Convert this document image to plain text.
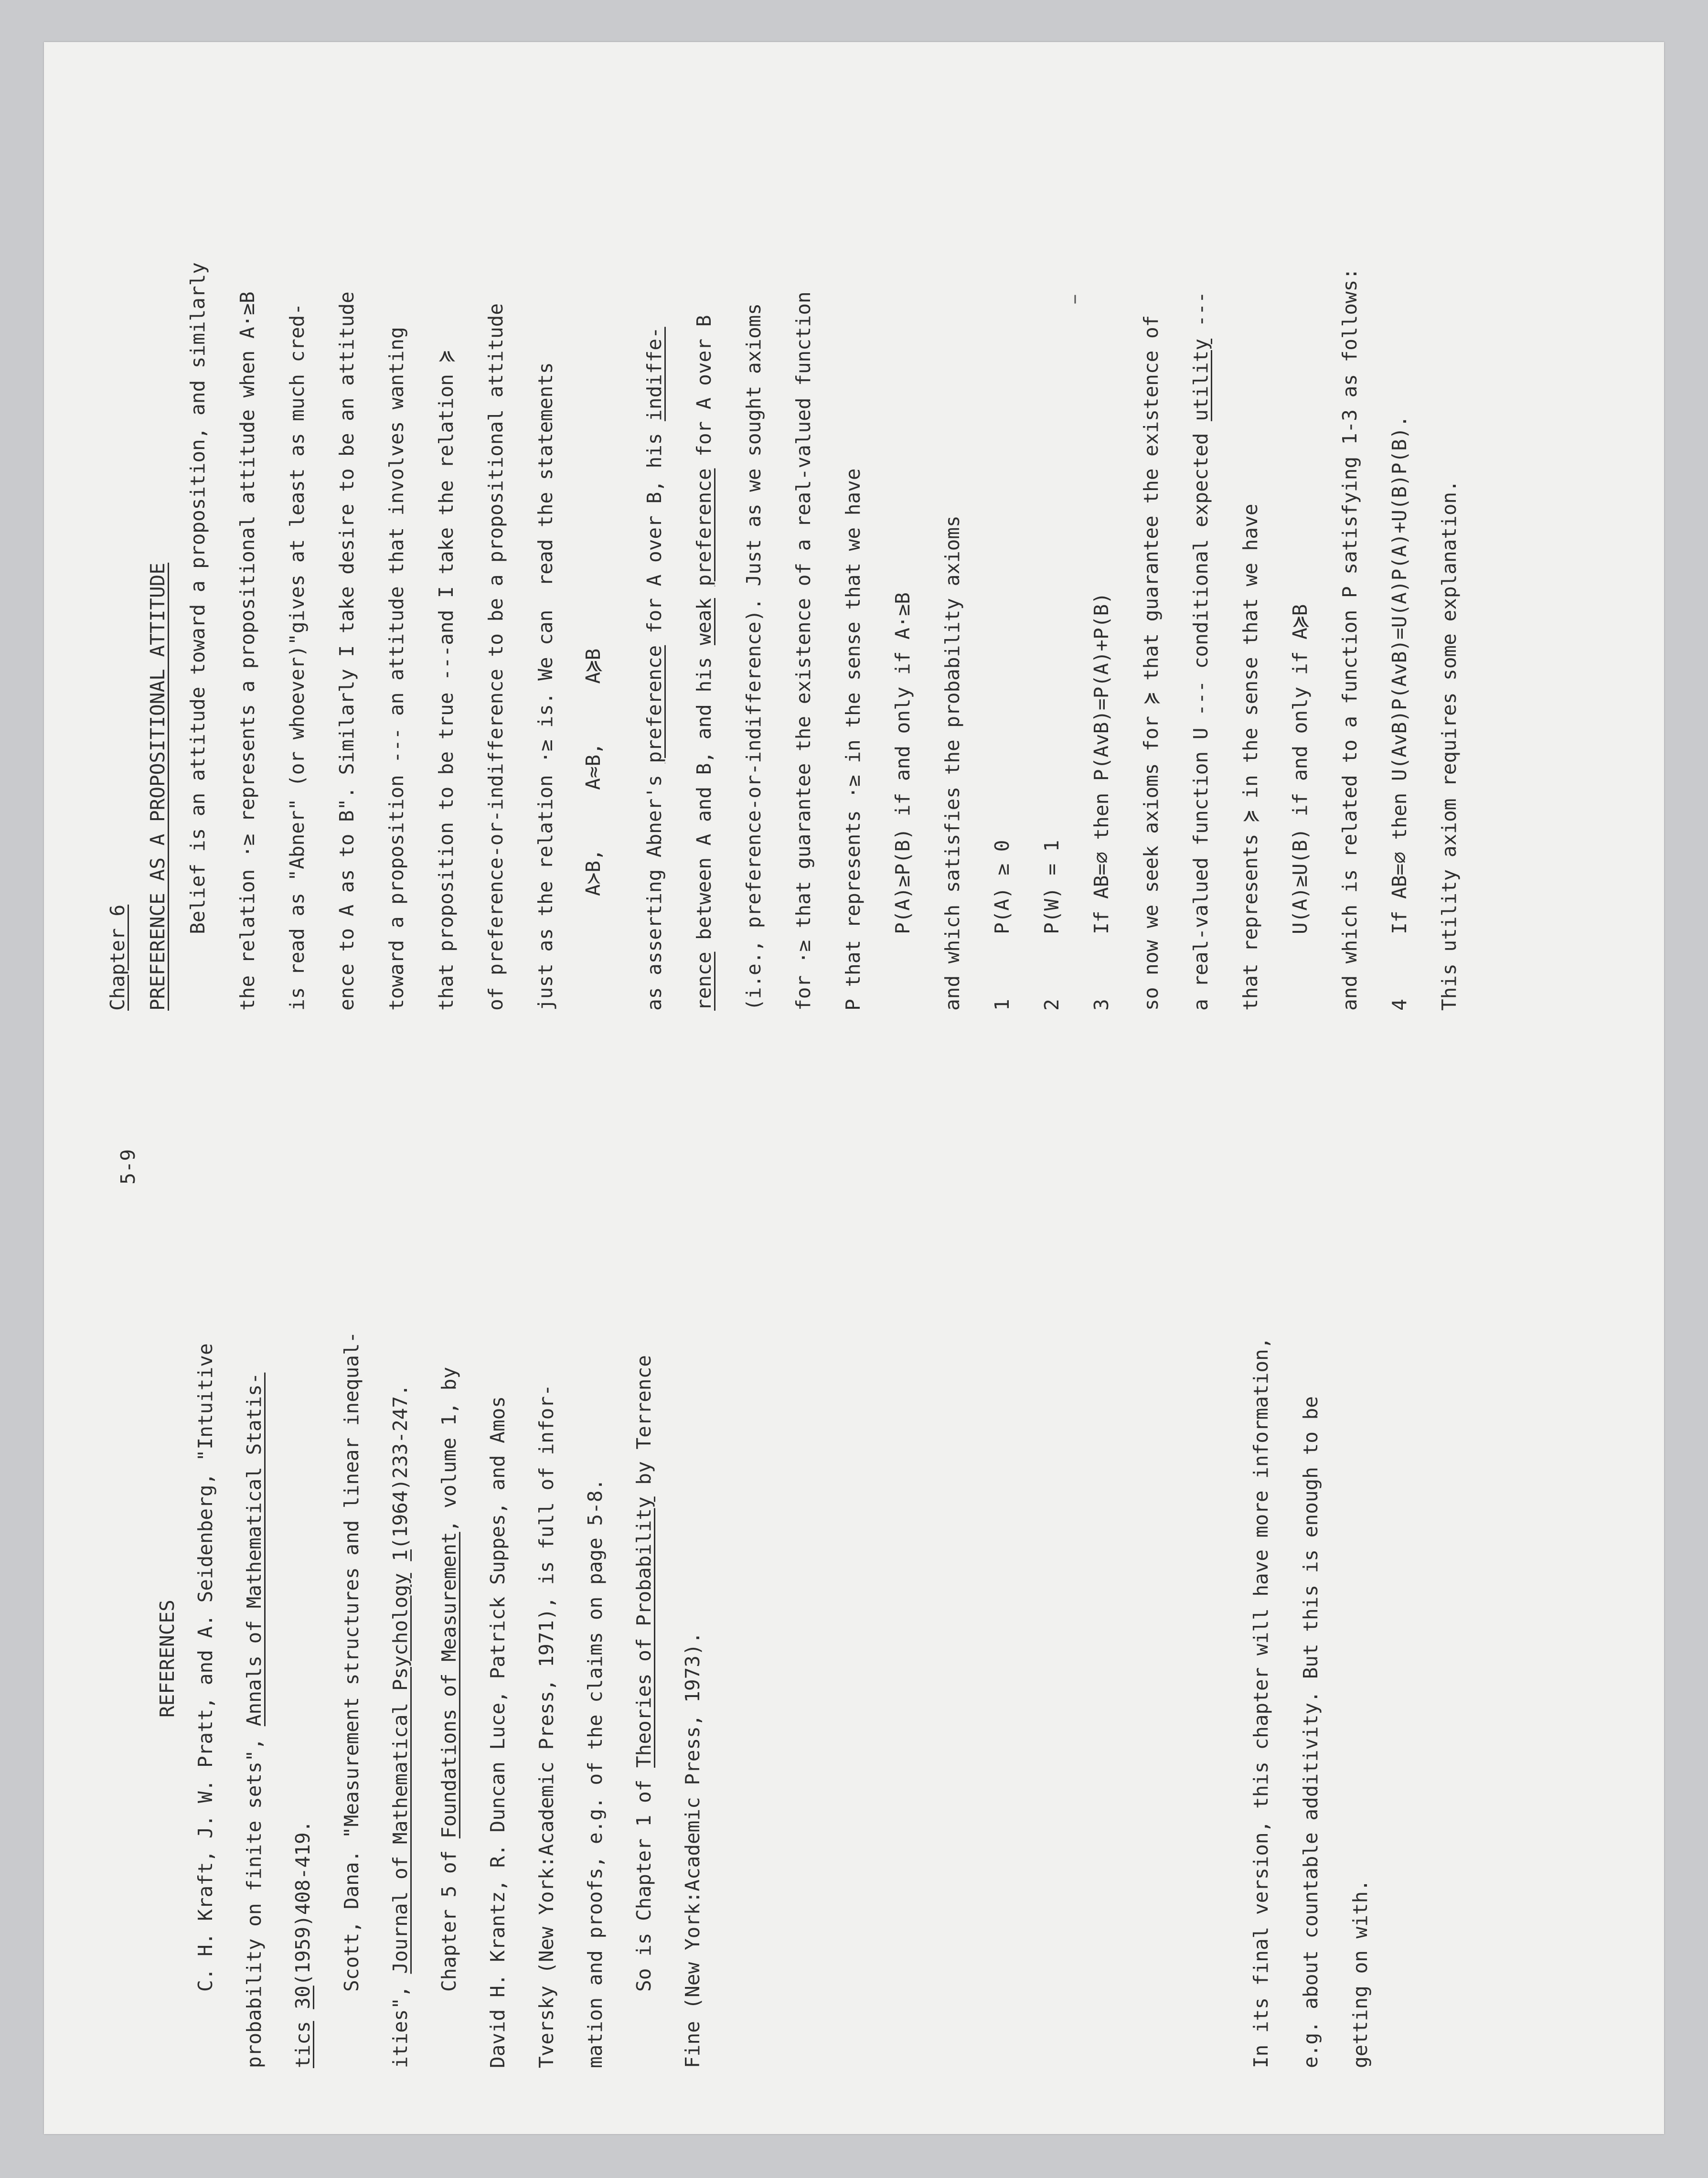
5-9
REFERENCES C. H. Kraft, J. W. Pratt, and A. Seidenberg, "Intuitive probability on finite sets", Annals of Mathematical Statis-
tics 30(1959)408-419. Scott, Dana. "Measurement structures and linear inequal-
ities", Journal of Mathematical Psychology 1(1964)233-247.
Chapter 5 of Foundations of Measurement, volume 1, by David H. Krantz, R. Duncan Luce, Patrick Suppes, and Amos Tversky (New York:Academic Press, 1971), is full of infor- mation and proofs, e.g. of the claims on page 5-8. So is Chapter 1 of Theories of Probability by Terrence
Fine (New York:Academic Press, 1973).	In its final version, this chapter will have more information, e.g. about countable additivity. But this is enough to be getting on with.
Chapter 6 PREFERENCE AS A PROPOSITIONAL ATTITUDE Belief is an attitude toward a proposition, and similarly the relation ·≥ represents a propositional attitude when A·≥B is read as "Abner" (or whoever)"gives at least as much cred- ence to A as to B". Similarly I take desire to be an attitude toward a proposition --- an attitude that involves wanting that proposition to be true ---and I take the relation ≽ of preference-or-indifference to be a propositional attitude just as the relation ·≥ is. We can  read the statements A≻B,     A≈B,     A≽B as asserting Abner's preference for A over B, his indiffe-
rence between A and B, and his weak preference for A over B (i.e., preference-or-indifference). Just as we sought axioms for ·≥ that guarantee the existence of a real-valued function P that represents ·≥ in the sense that we have P(A)≥P(B) if and only if A·≥B and which satisfies the probability axioms 1
P(A) ≥ 0
2
P(W) = 1
3
If AB=∅ then P(AvB)=P(A)+P(B) so now we seek axioms for ≽ that guarantee the existence of a real-valued function U --- conditional expected utility ---
that represents ≽ in the sense that we have U(A)≥U(B) if and only if A≽B and which is related to a function P satisfying 1-3 as follows: 4
If AB=∅ then U(AvB)P(AvB)=U(A)P(A)+U(B)P(B). This utility axiom requires some explanation.
